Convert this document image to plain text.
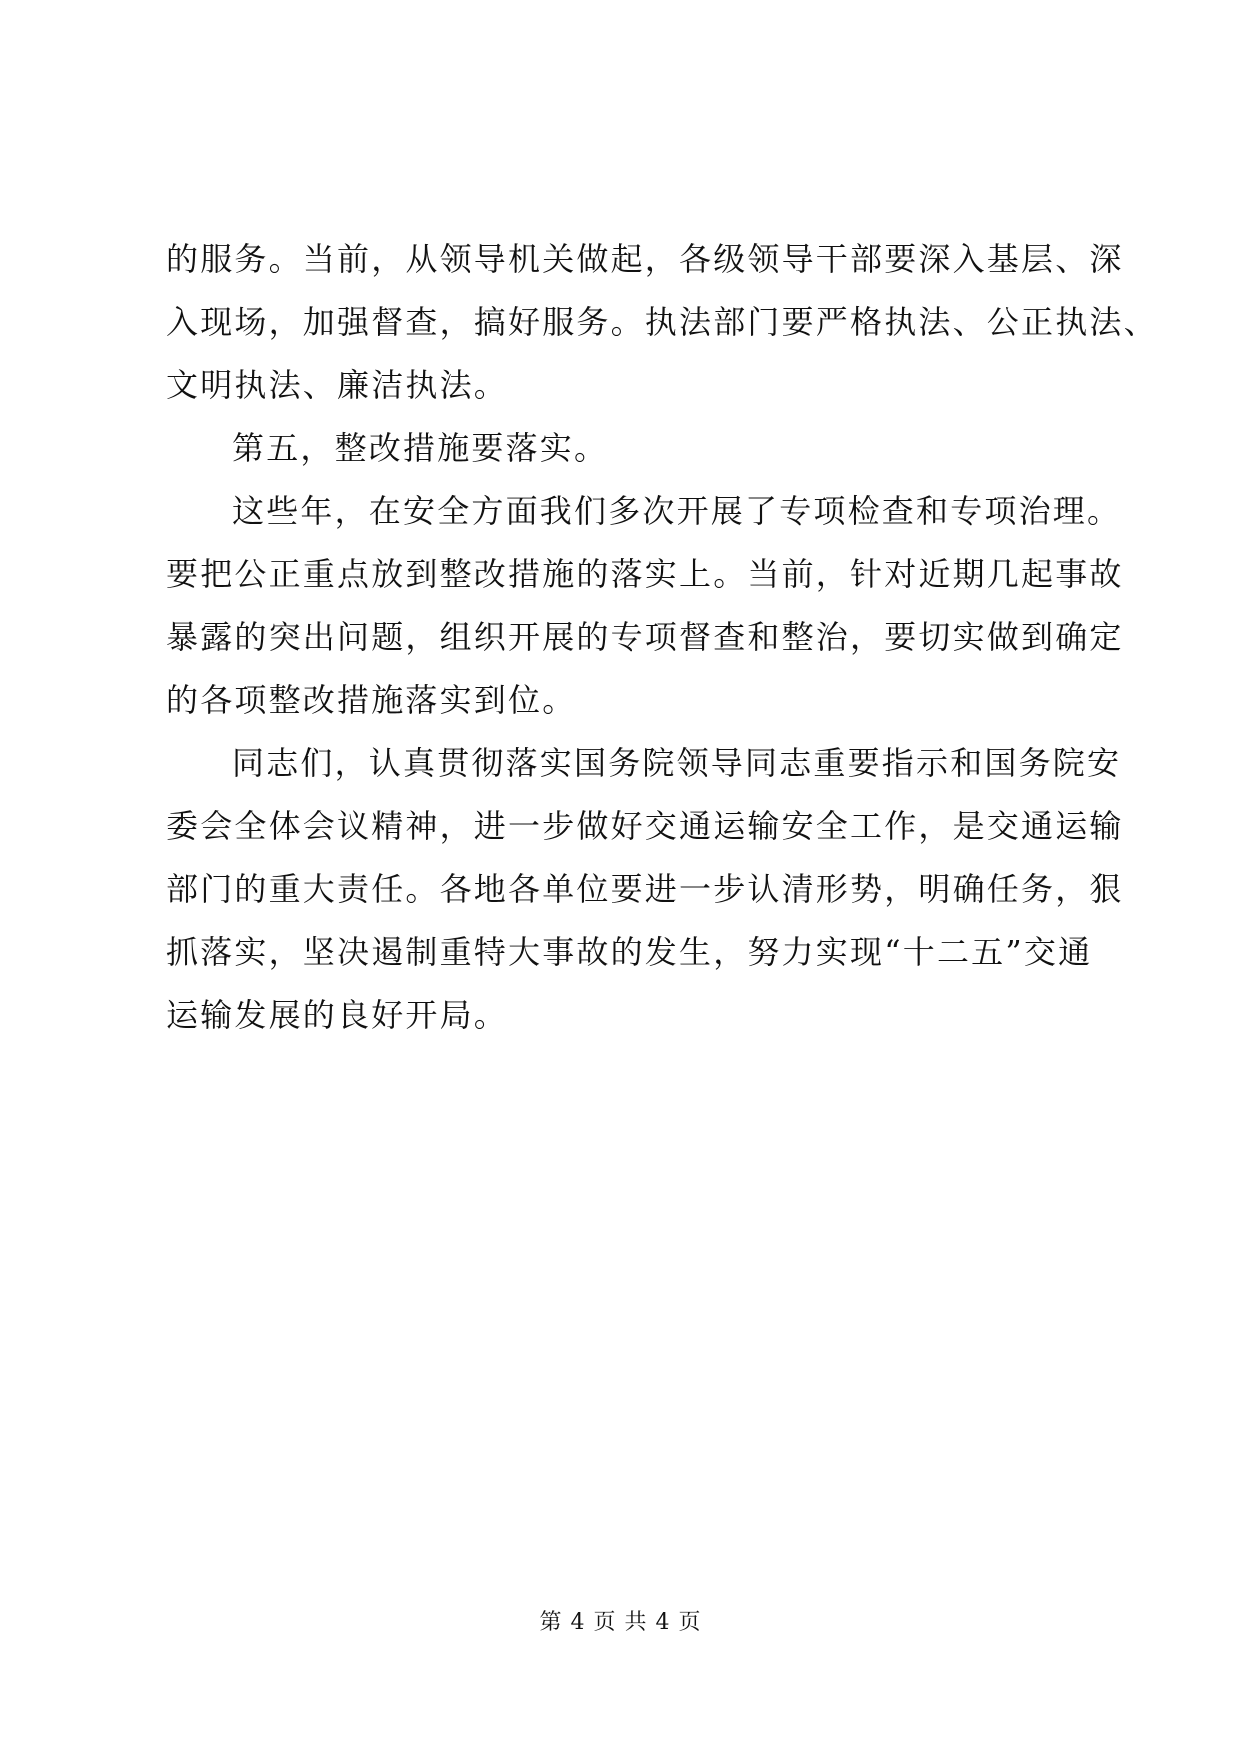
的服务。当前，从领导机关做起，各级领导干部要深入基层、深
入现场，加强督查，搞好服务。执法部门要严格执法、公正执法、
文明执法、廉洁执法。
第五，整改措施要落实。
这些年，在安全方面我们多次开展了专项检查和专项治理。
要把公正重点放到整改措施的落实上。当前，针对近期几起事故
暴露的突出问题，组织开展的专项督查和整治，要切实做到确定
的各项整改措施落实到位。
同志们，认真贯彻落实国务院领导同志重要指示和国务院安
委会全体会议精神，进一步做好交通运输安全工作，是交通运输
部门的重大责任。各地各单位要进一步认清形势，明确任务，狠
抓落实，坚决遏制重特大事故的发生，努力实现“十二五”交通
运输发展的良好开局。
第 4 页 共 4 页
